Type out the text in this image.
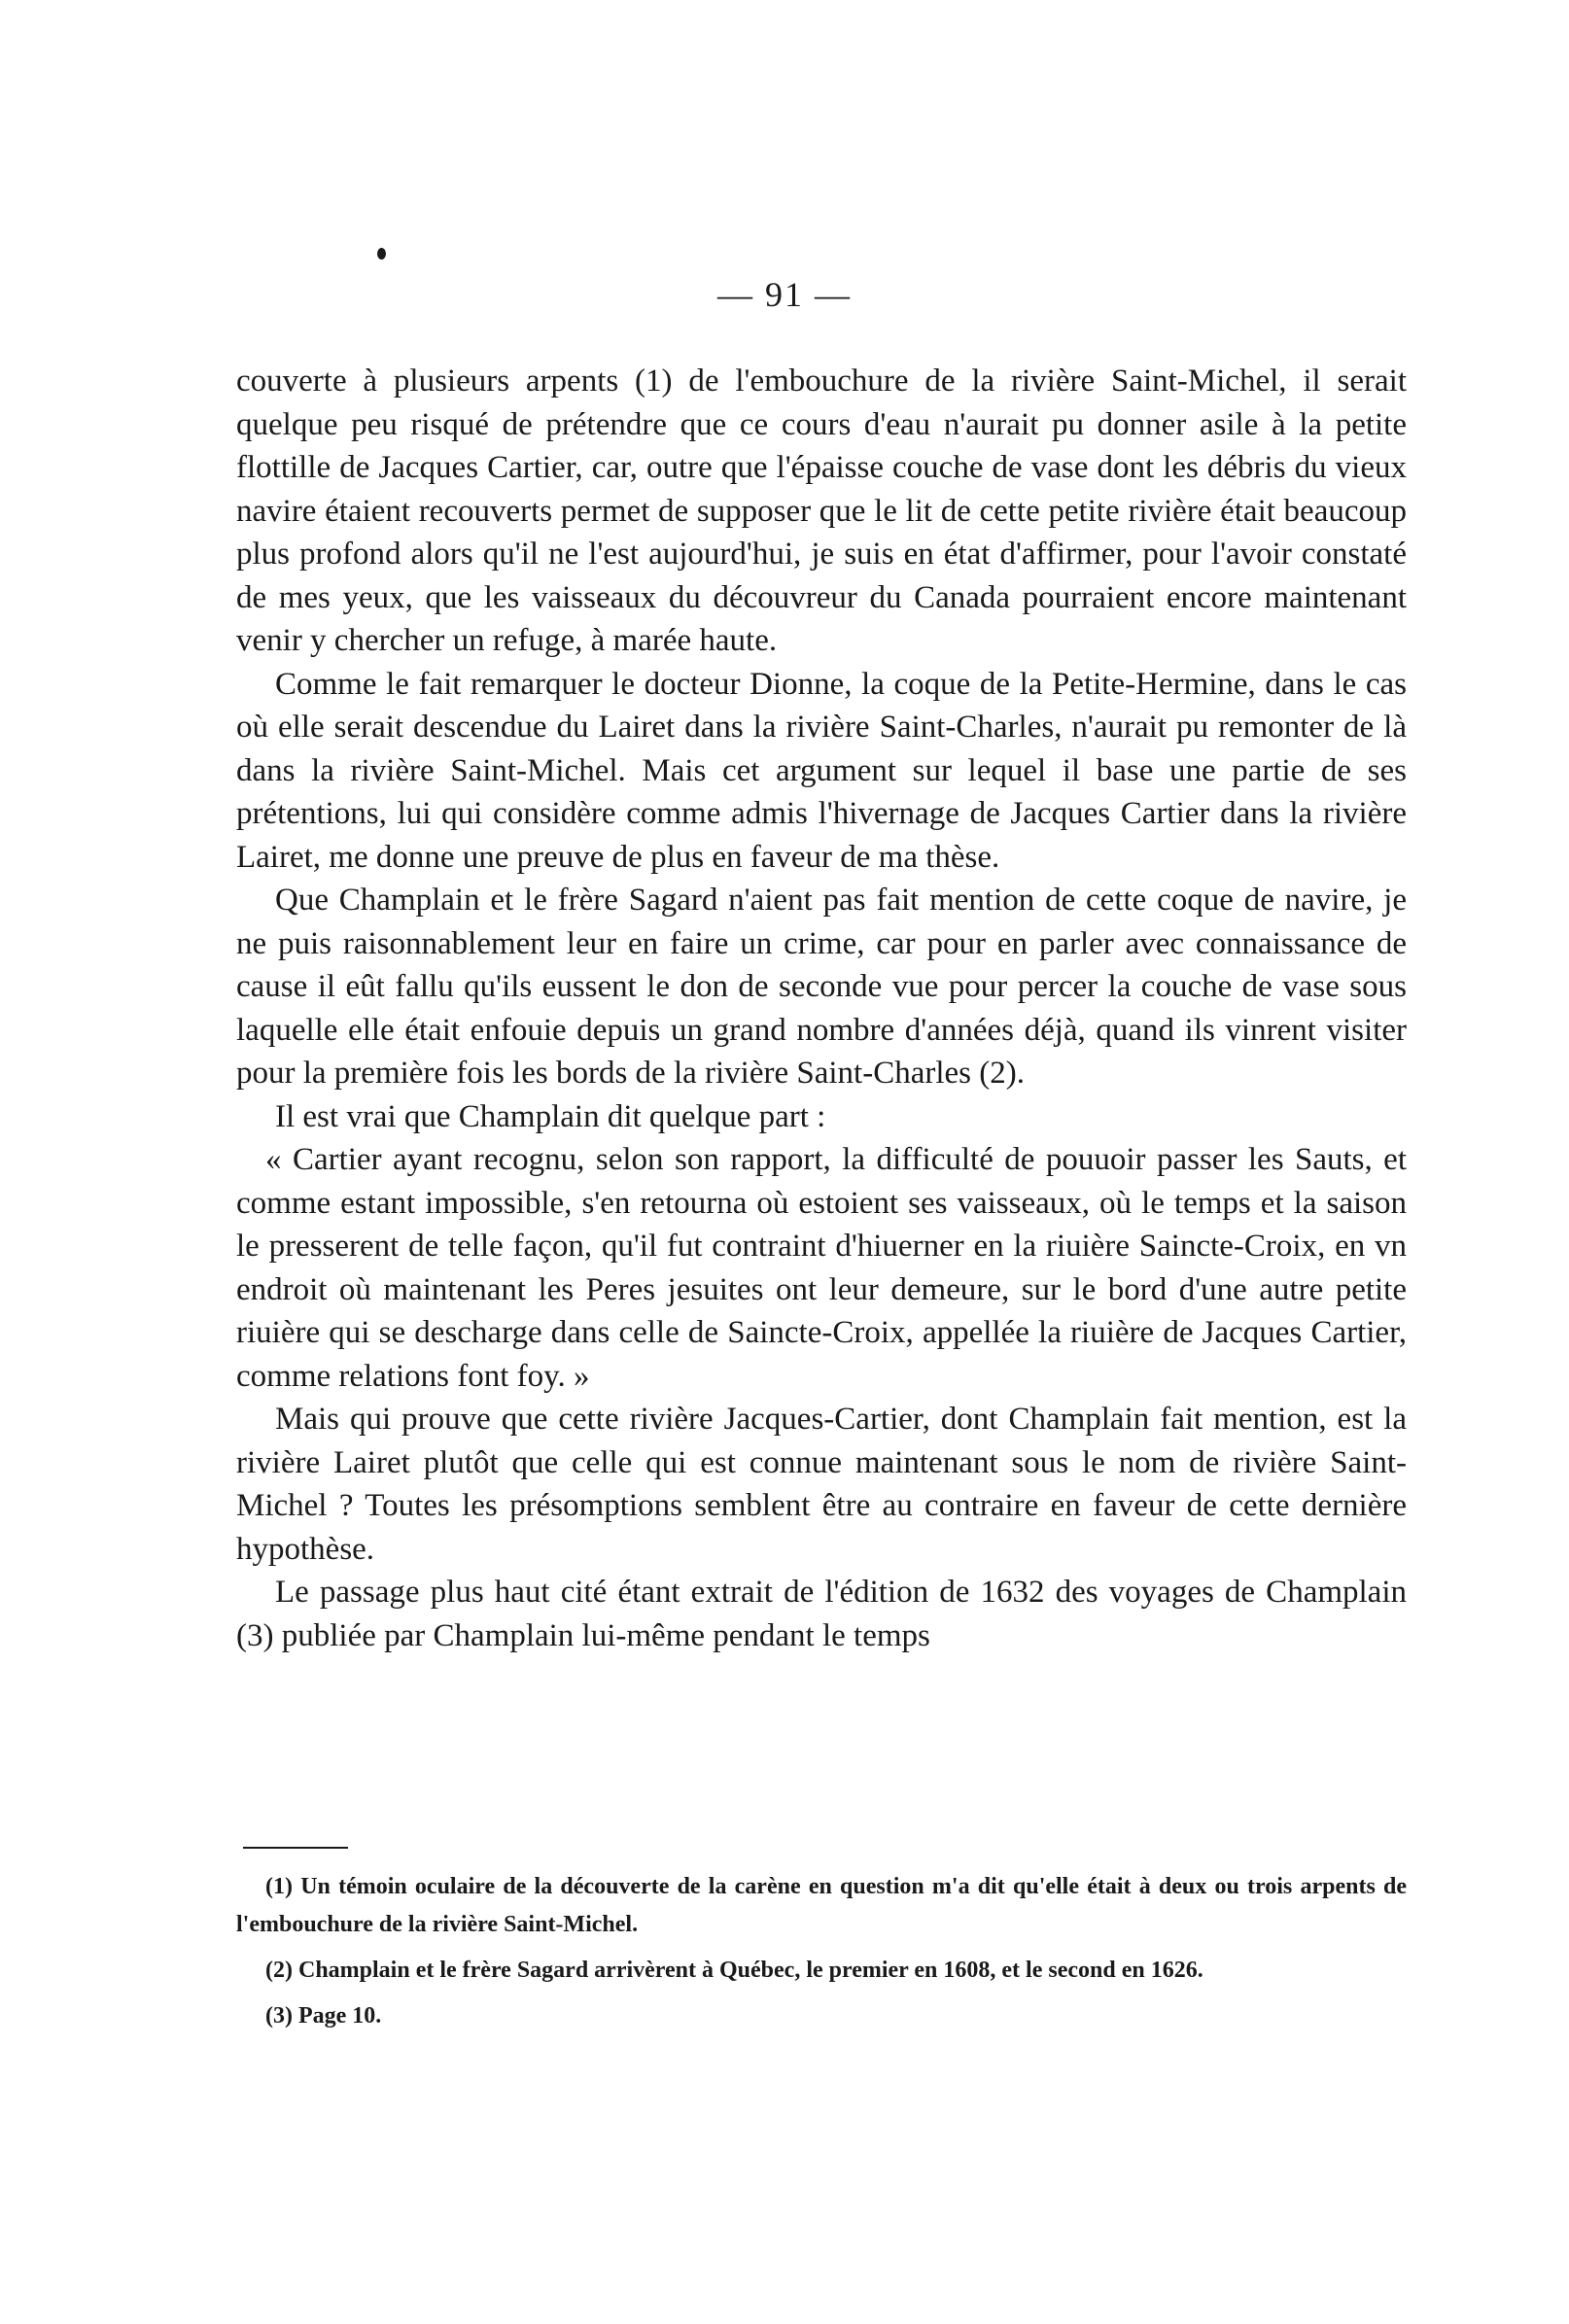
— 91 —

couverte à plusieurs arpents (1) de l'embouchure de la rivière Saint-Michel, il serait quelque peu risqué de prétendre que ce cours d'eau n'aurait pu donner asile à la petite flottille de Jacques Cartier, car, outre que l'épaisse couche de vase dont les débris du vieux navire étaient recouverts permet de supposer que le lit de cette petite rivière était beaucoup plus profond alors qu'il ne l'est aujourd'hui, je suis en état d'affirmer, pour l'avoir constaté de mes yeux, que les vaisseaux du découvreur du Canada pourraient encore maintenant venir y chercher un refuge, à marée haute.

Comme le fait remarquer le docteur Dionne, la coque de la Petite-Hermine, dans le cas où elle serait descendue du Lairet dans la rivière Saint-Charles, n'aurait pu remonter de là dans la rivière Saint-Michel. Mais cet argument sur lequel il base une partie de ses prétentions, lui qui considère comme admis l'hivernage de Jacques Cartier dans la rivière Lairet, me donne une preuve de plus en faveur de ma thèse.

Que Champlain et le frère Sagard n'aient pas fait mention de cette coque de navire, je ne puis raisonnablement leur en faire un crime, car pour en parler avec connaissance de cause il eût fallu qu'ils eussent le don de seconde vue pour percer la couche de vase sous laquelle elle était enfouie depuis un grand nombre d'années déjà, quand ils vinrent visiter pour la première fois les bords de la rivière Saint-Charles (2).

Il est vrai que Champlain dit quelque part :

« Cartier ayant recognu, selon son rapport, la difficulté de pouuoir passer les Sauts, et comme estant impossible, s'en retourna où estoient ses vaisseaux, où le temps et la saison le presserent de telle façon, qu'il fut contraint d'hiuerner en la riuière Saincte-Croix, en vn endroit où maintenant les Peres jesuites ont leur demeure, sur le bord d'une autre petite riuière qui se descharge dans celle de Saincte-Croix, appellée la riuière de Jacques Cartier, comme relations font foy. »

Mais qui prouve que cette rivière Jacques-Cartier, dont Champlain fait mention, est la rivière Lairet plutôt que celle qui est connue maintenant sous le nom de rivière Saint-Michel ? Toutes les présomptions semblent être au contraire en faveur de cette dernière hypothèse.

Le passage plus haut cité étant extrait de l'édition de 1632 des voyages de Champlain (3) publiée par Champlain lui-même pendant le temps

(1) Un témoin oculaire de la découverte de la carène en question m'a dit qu'elle était à deux ou trois arpents de l'embouchure de la rivière Saint-Michel.

(2) Champlain et le frère Sagard arrivèrent à Québec, le premier en 1608, et le second en 1626.

(3) Page 10.
